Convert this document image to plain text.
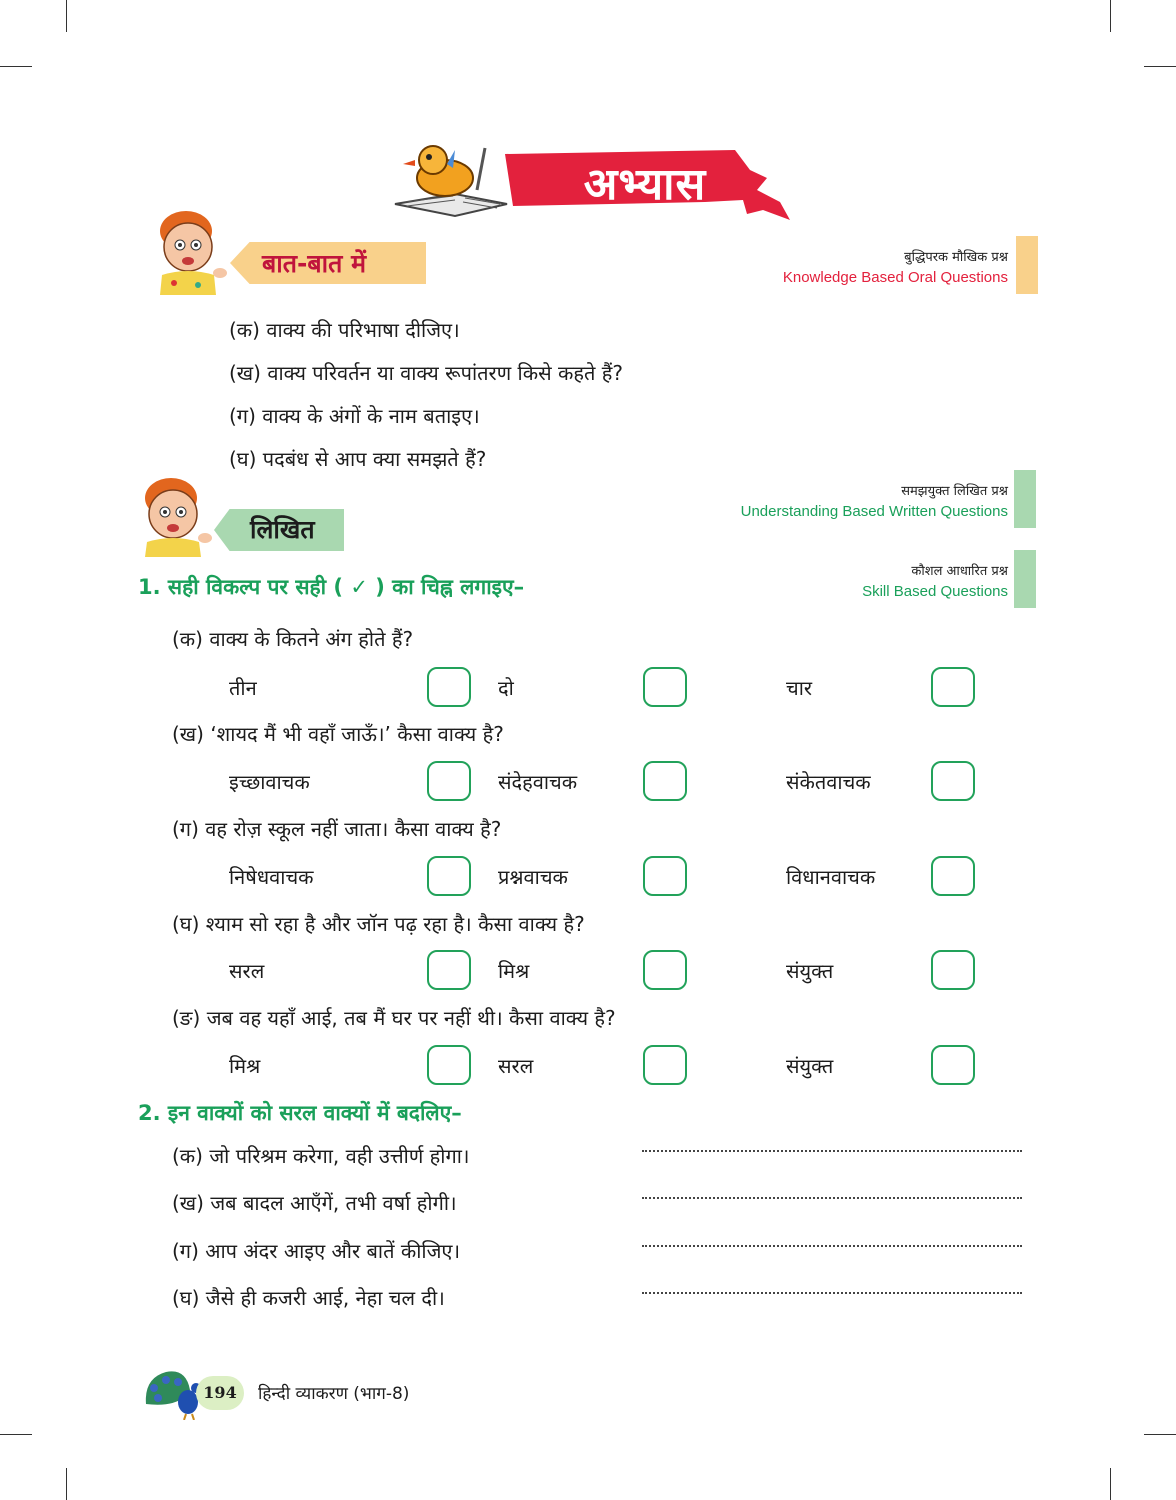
अभ्यास
बात-बात में	बुद्धिपरक मौखिक प्रश्न
Knowledge Based Oral Questions
(क) वाक्य की परिभाषा दीजिए।
(ख) वाक्य परिवर्तन या वाक्य रूपांतरण किसे कहते हैं?
(ग) वाक्य के अंगों के नाम बताइए।
(घ) पदबंध से आप क्या समझते हैं?
लिखित
समझयुक्त लिखित प्रश्न
Understanding Based Written Questions
कौशल आधारित प्रश्न
Skill Based Questions
1. सही विकल्प पर सही ( ✓ ) का चिह्न लगाइए–
(क) वाक्य के कितने अंग होते हैं?
तीन	दो	चार
(ख) ‘शायद मैं भी वहाँ जाऊँ।’ कैसा वाक्य है?
इच्छावाचक	संदेहवाचक	संकेतवाचक
(ग) वह रोज़ स्कूल नहीं जाता। कैसा वाक्य है?
निषेधवाचक	प्रश्नवाचक	विधानवाचक
(घ) श्याम सो रहा है और जॉन पढ़ रहा है। कैसा वाक्य है?
सरल	मिश्र	संयुक्त
(ङ) जब वह यहाँ आई, तब मैं घर पर नहीं थी। कैसा वाक्य है?
मिश्र	सरल	संयुक्त
2. इन वाक्यों को सरल वाक्यों में बदलिए–
(क) जो परिश्रम करेगा, वही उत्तीर्ण होगा।
(ख) जब बादल आएँगें, तभी वर्षा होगी।
(ग) आप अंदर आइए और बातें कीजिए।
(घ) जैसे ही कजरी आई, नेहा चल दी।
194	हिन्दी व्याकरण (भाग-8)
